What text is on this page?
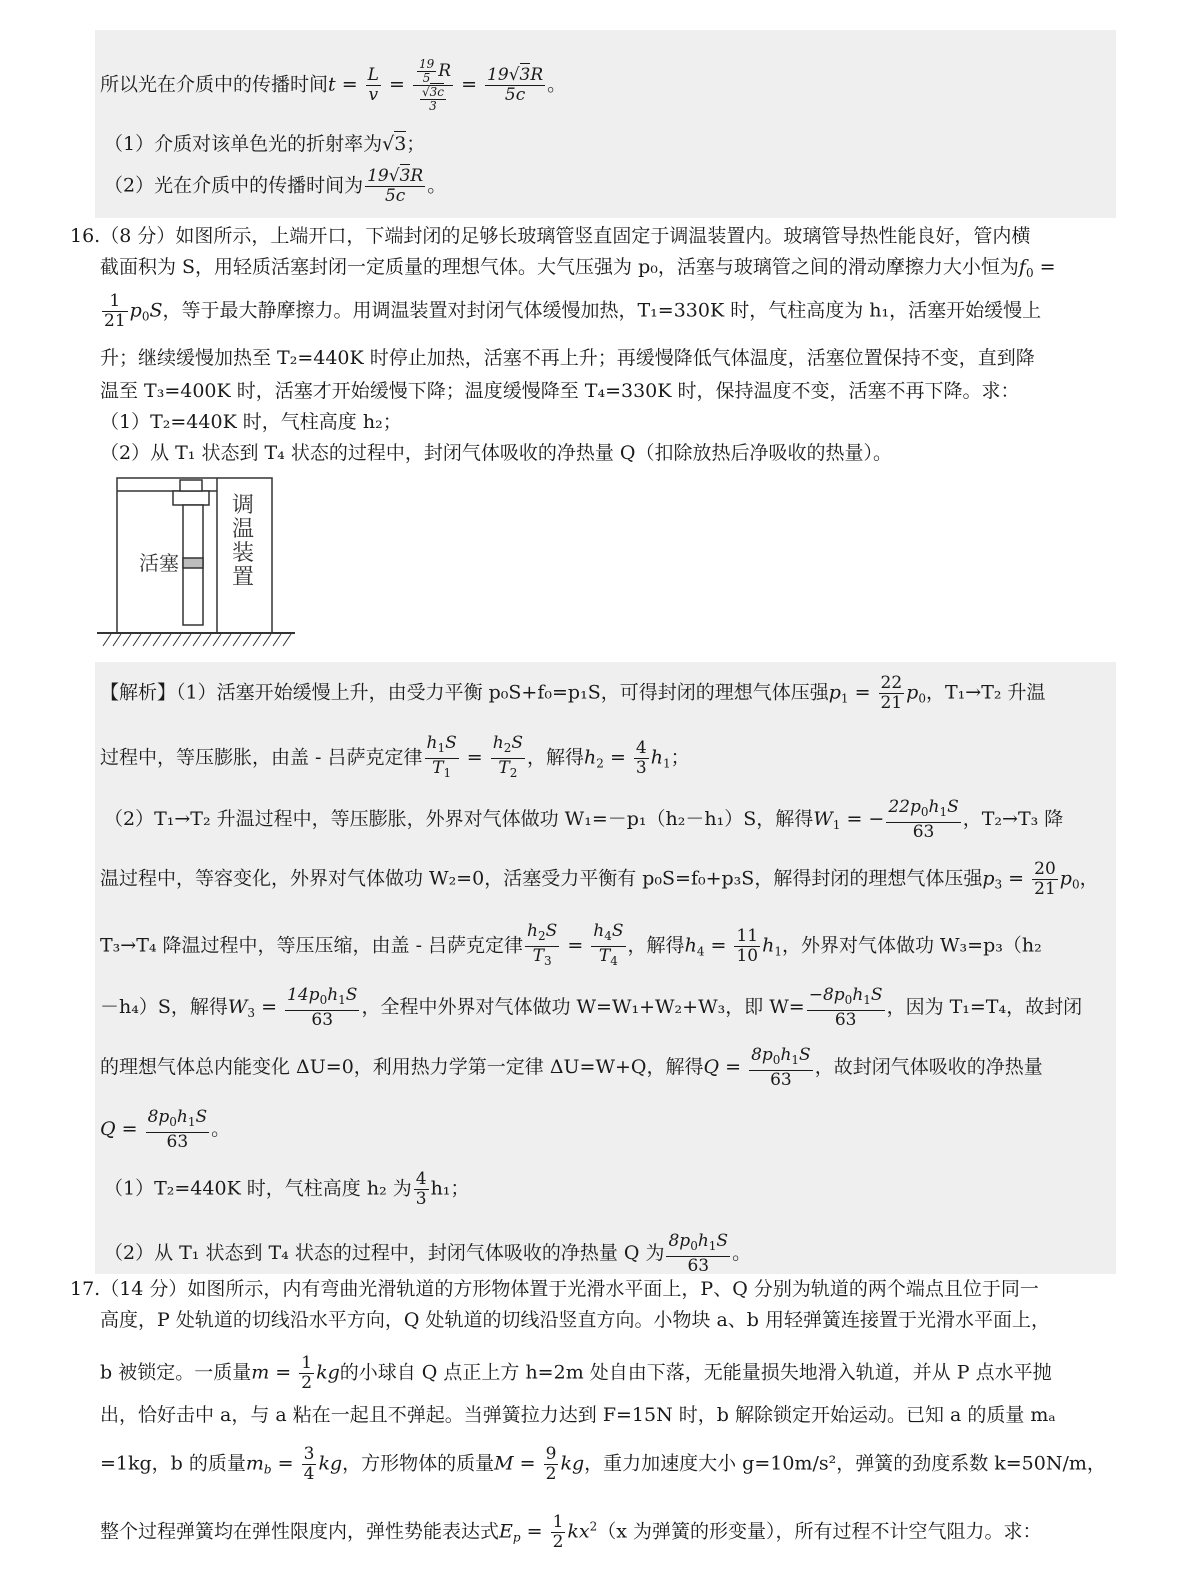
所以光在介质中的传播时间$t = \frac{L}{v} = \frac{\frac{19}{5} R}{\frac{√3c}{3}} = \frac{19√3R}{5c}$ 。
（1）介质对该单色光的折射率为√3；
（2）光在介质中的传播时间为 $\frac{19√3R}{5c}$ 。
16.（8 分）如图所示，上端开口，下端封闭的足够长玻璃管竖直固定于调温装置内。玻璃管导热性能良好，管内横
截面积为 S，用轻质活塞封闭一定质量的理想气体。大气压强为 p₀，活塞与玻璃管之间的滑动摩擦力大小恒为$f_0$ =
$\frac{1}{21} p_0S$，等于最大静摩擦力。用调温装置对封闭气体缓慢加热，T₁=330K 时，气柱高度为 h₁，活塞开始缓慢上
升；继续缓慢加热至 T₂=440K 时停止加热，活塞不再上升；再缓慢降低气体温度，活塞位置保持不变，直到降
温至 T₃=400K 时，活塞才开始缓慢下降；温度缓慢降至 T₄=330K 时，保持温度不变，活塞不再下降。求：
（1）T₂=440K 时，气柱高度 h₂；
（2）从 T₁ 状态到 T₄ 状态的过程中，封闭气体吸收的净热量 Q（扣除放热后净吸收的热量）。
活塞
调
温
装
置
【解析】（1）活塞开始缓慢上升，由受力平衡 p₀S+f₀=p₁S，可得封闭的理想气体压强$p_1 = \frac{22}{21} p_0$，T₁→T₂ 升温
过程中，等压膨胀，由盖 - 吕萨克定律 $\frac{h_1S}{T_1} = \frac{h_2S}{T_2}$ ，解得$h_2 = \frac{4}{3} h_1$；
（2）T₁→T₂ 升温过程中，等压膨胀，外界对气体做功 W₁=－p₁（h₂－h₁）S，解得$W_1$ = − $\frac{22p_0h_1S}{63}$ ，T₂→T₃ 降
温过程中，等容变化，外界对气体做功 W₂=0，活塞受力平衡有 p₀S=f₀+p₃S，解得封闭的理想气体压强$p_3 = \frac{20}{21} p_0$，
T₃→T₄ 降温过程中，等压压缩，由盖 - 吕萨克定律 $\frac{h_2S}{T_3} = \frac{h_4S}{T_4}$ ，解得$h_4 = \frac{11}{10} h_1$，外界对气体做功 W₃=p₃（h₂
－h₄）S，解得$W_3 = \frac{14p_0h_1S}{63}$ ，全程中外界对气体做功 W=W₁+W₂+W₃，即 $W= \frac{-8p_0h_1S}{63}$ ，因为 T₁=T₄，故封闭
的理想气体总内能变化 ΔU=0，利用热力学第一定律 ΔU=W+Q，解得$Q = \frac{8p_0h_1S}{63}$ ，故封闭气体吸收的净热量
$Q = \frac{8p_0h_1S}{63}$ 。
（1）T₂=440K 时，气柱高度 h₂ 为 $\frac{4}{3} h_1$；
（2）从 T₁ 状态到 T₄ 状态的过程中，封闭气体吸收的净热量 Q 为 $\frac{8p_0h_1S}{63}$ 。
17.（14 分）如图所示，内有弯曲光滑轨道的方形物体置于光滑水平面上，P、Q 分别为轨道的两个端点且位于同一
高度，P 处轨道的切线沿水平方向，Q 处轨道的切线沿竖直方向。小物块 a、b 用轻弹簧连接置于光滑水平面上，
b 被锁定。一质量$m = \frac{1}{2}$ kg的小球自 Q 点正上方 h=2m 处自由下落，无能量损失地滑入轨道，并从 P 点水平抛
出，恰好击中 a，与 a 粘在一起且不弹起。当弹簧拉力达到 F=15N 时，b 解除锁定开始运动。已知 a 的质量 mₐ
=1kg，b 的质量$m_b = \frac{3}{4}$ kg，方形物体的质量$M = \frac{9}{2}$ kg，重力加速度大小 g=10m/s²，弹簧的劲度系数 k=50N/m，
整个过程弹簧均在弹性限度内，弹性势能表达式$E_p = \frac{1}{2} kx^2(x$ 为弹簧的形变量），所有过程不计空气阻力。求：
